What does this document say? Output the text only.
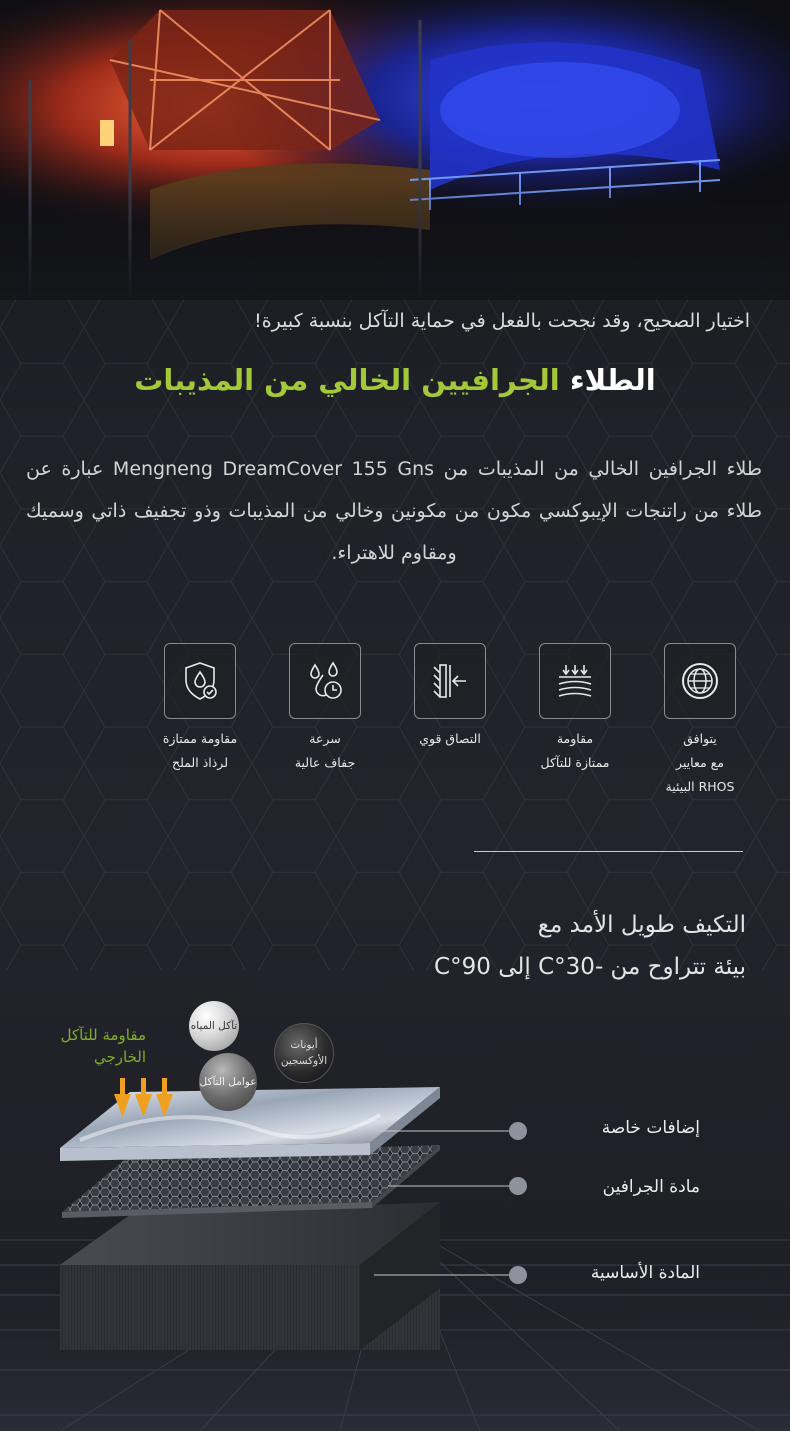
اختيار الصحيح، وقد نجحت بالفعل في حماية التآكل بنسبة كبيرة!
الطلاء الجرافيين الخالي من المذيبات
طلاء الجرافين الخالي من المذيبات من Mengneng DreamCover 155 Gns عبارة عن طلاء من راتنجات الإيبوكسي مكون من مكونين وخالي من المذيبات وذو تجفيف ذاتي وسميك ومقاوم للاهتراء.
يتوافق
مع معايير
RHOS البيئية
مقاومة
ممتازة للتآكل
التصاق قوي
سرعة
جفاف عالية
مقاومة ممتازة
لرذاذ الملح
التكيف طويل الأمد مع
بيئة تتراوح من -30°C إلى 90°C
مقاومة للتآكل الخارجي
تآكل المياه
أيونات الأوكسجين
عوامل التآكل
إضافات خاصة
مادة الجرافين
المادة الأساسية
